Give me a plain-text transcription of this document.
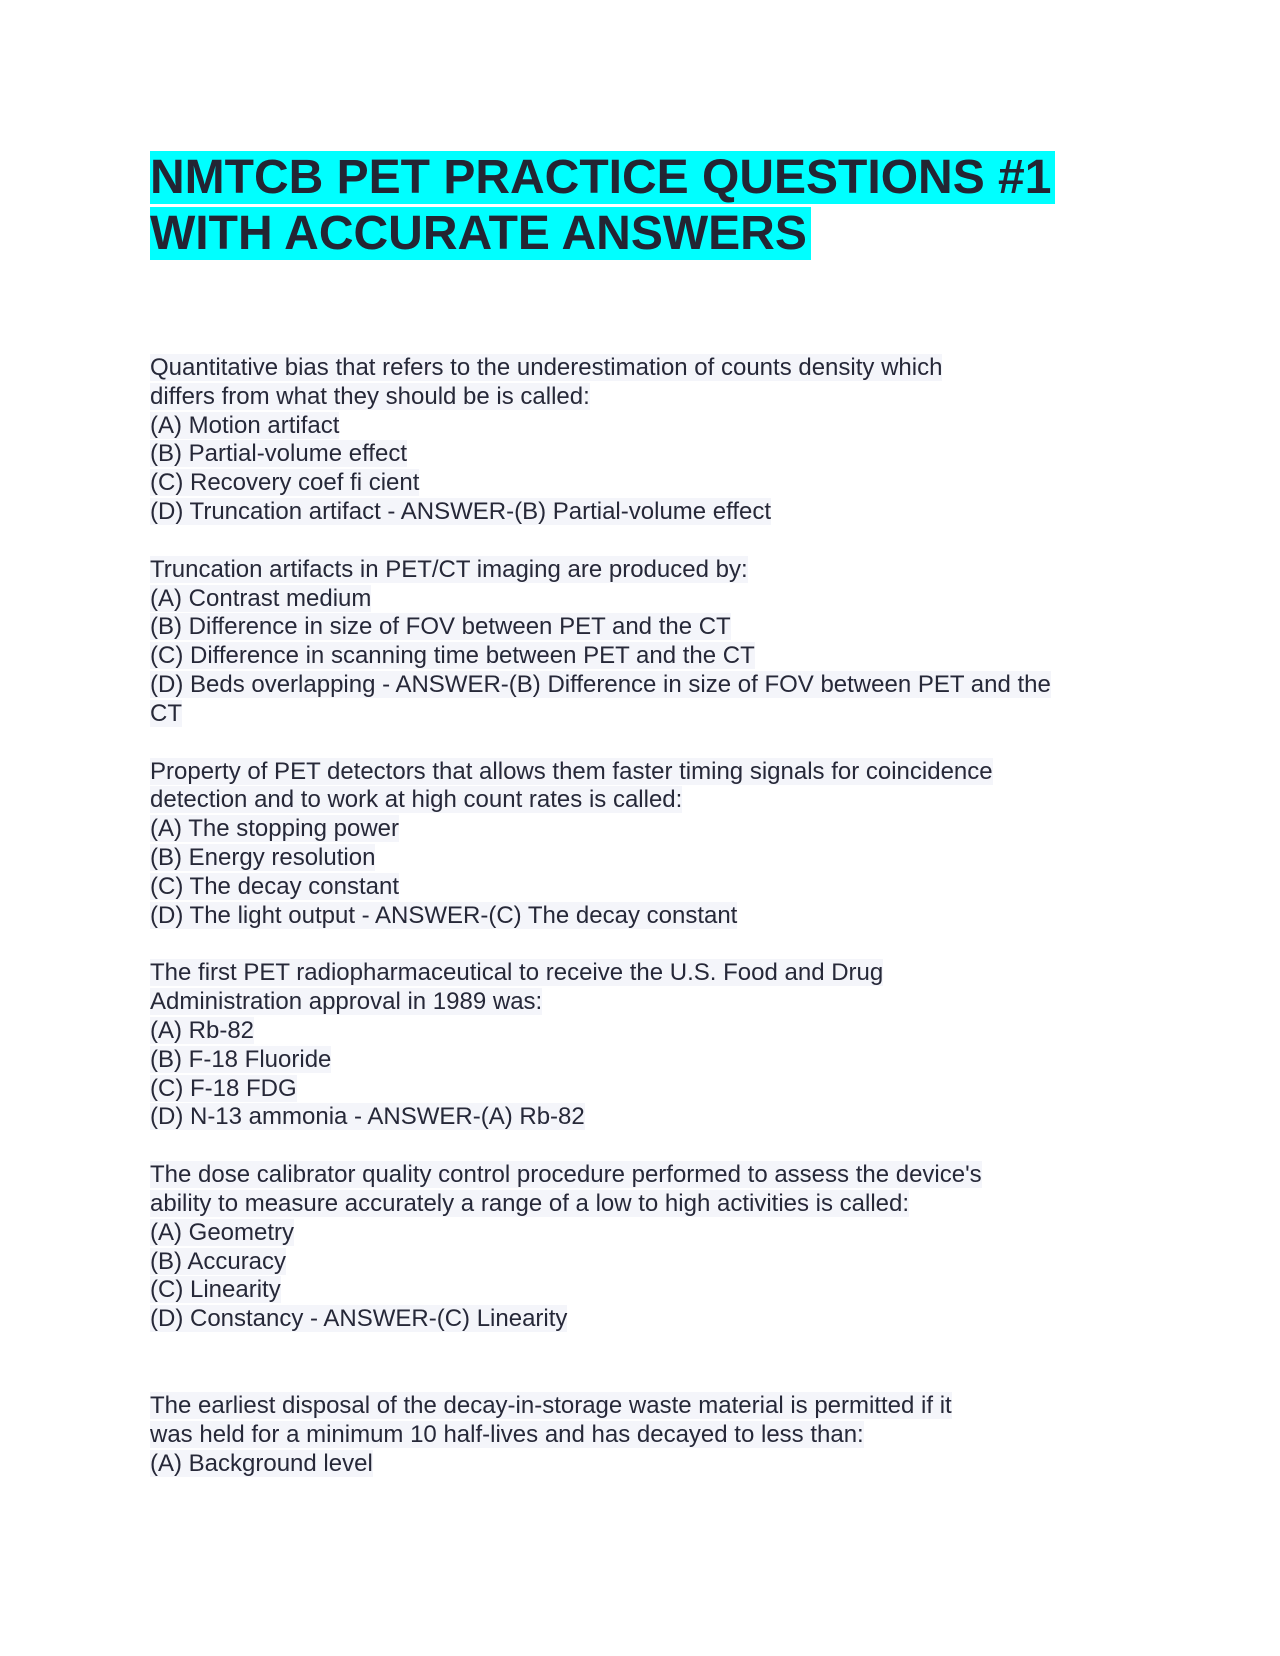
NMTCB PET PRACTICE QUESTIONS #1
WITH ACCURATE ANSWERS
Quantitative bias that refers to the underestimation of counts density which
differs from what they should be is called:
(A) Motion artifact
(B) Partial-volume effect
(C) Recovery coef fi cient
(D) Truncation artifact - ANSWER-(B) Partial-volume effect
Truncation artifacts in PET/CT imaging are produced by:
(A) Contrast medium
(B) Difference in size of FOV between PET and the CT
(C) Difference in scanning time between PET and the CT
(D) Beds overlapping - ANSWER-(B) Difference in size of FOV between PET and the
CT
Property of PET detectors that allows them faster timing signals for coincidence
detection and to work at high count rates is called:
(A) The stopping power
(B) Energy resolution
(C) The decay constant
(D) The light output - ANSWER-(C) The decay constant
The first PET radiopharmaceutical to receive the U.S. Food and Drug
Administration approval in 1989 was:
(A) Rb-82
(B) F-18 Fluoride
(C) F-18 FDG
(D) N-13 ammonia - ANSWER-(A) Rb-82
The dose calibrator quality control procedure performed to assess the device's
ability to measure accurately a range of a low to high activities is called:
(A) Geometry
(B) Accuracy
(C) Linearity
(D) Constancy - ANSWER-(C) Linearity
The earliest disposal of the decay-in-storage waste material is permitted if it
was held for a minimum 10 half-lives and has decayed to less than:
(A) Background level
